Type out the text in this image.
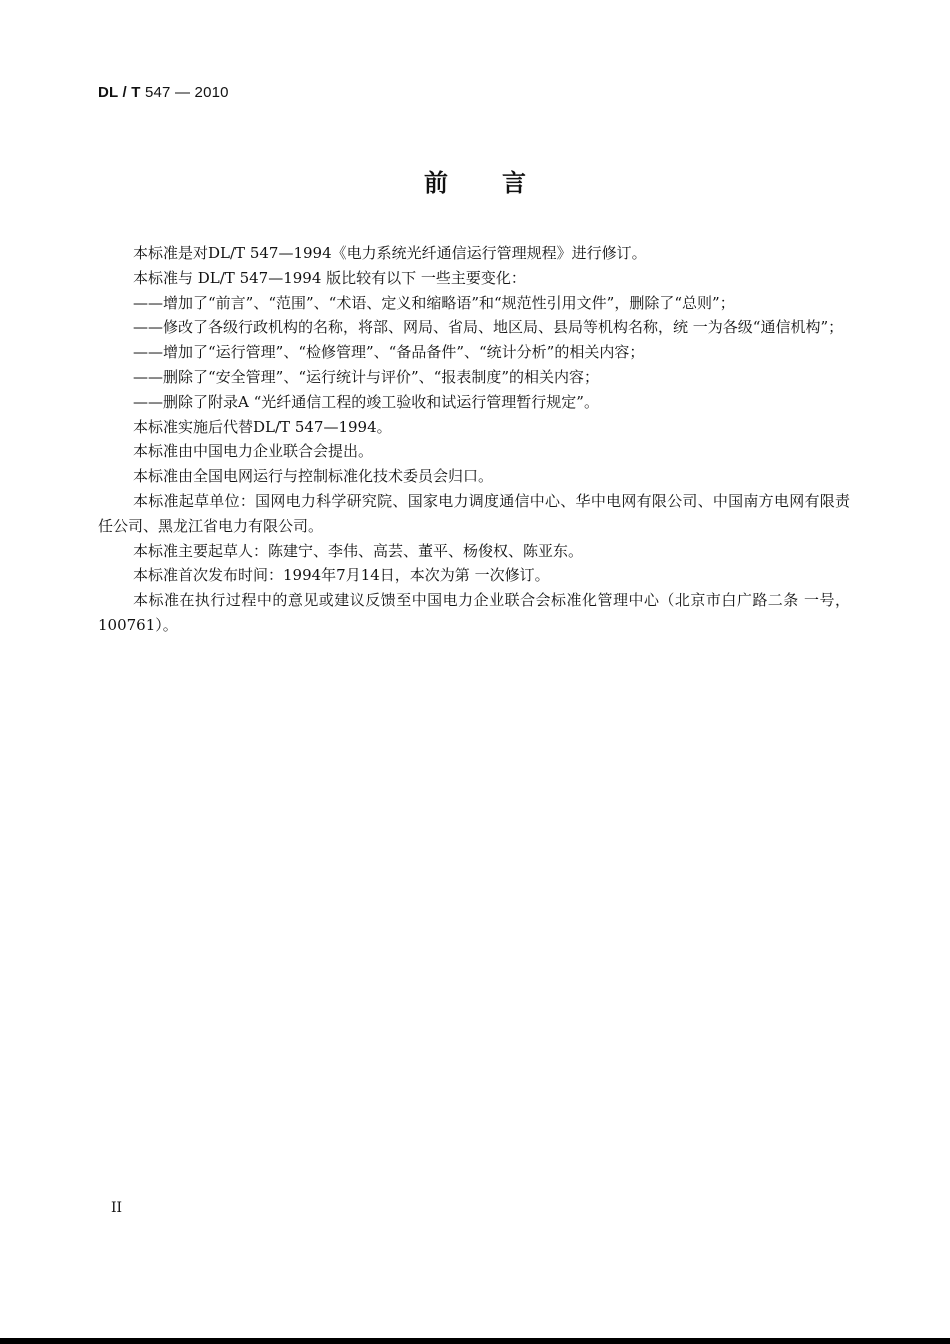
DL / T 547 — 2010
前言

本标准是对DL/T 547—1994《电力系统光纤通信运行管理规程》进行修订。

本标准与 DL/T 547—1994 版比较有以下 一些主要变化：

——增加了“前言”、“范围”、“术语、定义和缩略语”和“规范性引用文件”，删除了“总则”；

——修改了各级行政机构的名称，将部、网局、省局、地区局、县局等机构名称，统 一为各级“通信机构”；

——增加了“运行管理”、“检修管理”、“备品备件”、“统计分析”的相关内容；

——删除了“安全管理”、“运行统计与评价”、“报表制度”的相关内容；

——删除了附录A “光纤通信工程的竣工验收和试运行管理暂行规定”。

本标准实施后代替DL/T 547—1994。

本标准由中国电力企业联合会提出。

本标准由全国电网运行与控制标准化技术委员会归口。

本标准起草单位：国网电力科学研究院、国家电力调度通信中心、华中电网有限公司、中国南方电网有限责任公司、黑龙江省电力有限公司。

本标准主要起草人：陈建宁、李伟、高芸、董平、杨俊权、陈亚东。

本标准首次发布时间：1994年7月14日，本次为第 一次修订。

本标准在执行过程中的意见或建议反馈至中国电力企业联合会标准化管理中心（北京市白广路二条 一号，100761）。

II
